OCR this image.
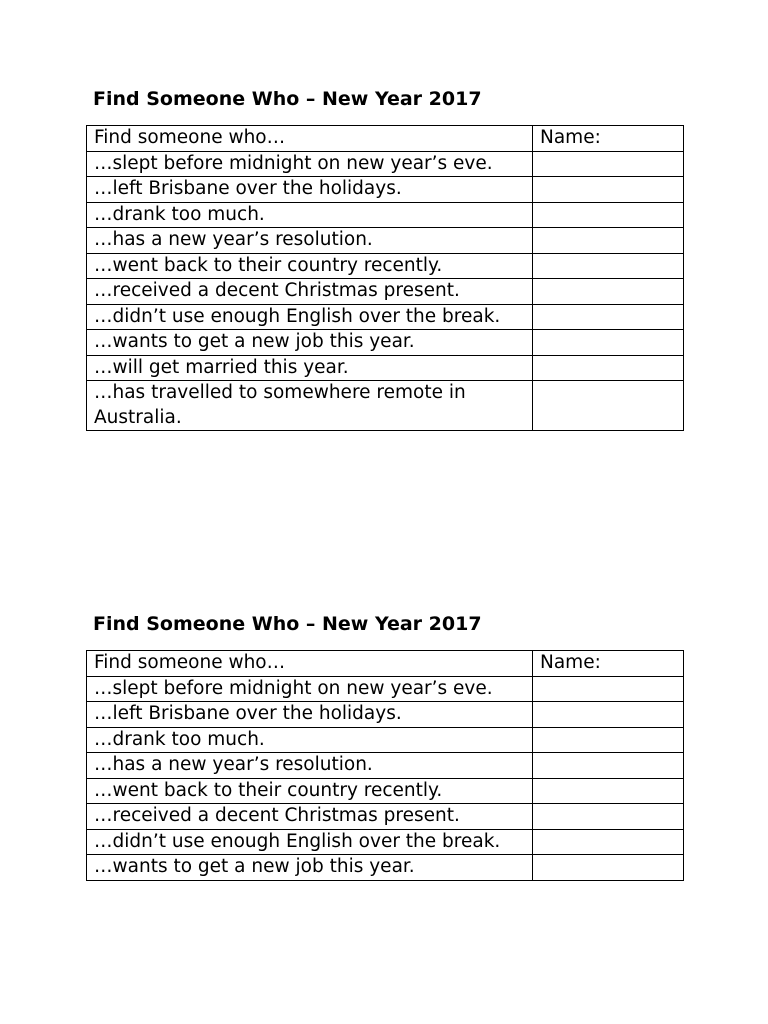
Find Someone Who – New Year 2017
Find someone who…	Name:
…slept before midnight on new year’s eve.	
…left Brisbane over the holidays.	
…drank too much.	
…has a new year’s resolution.	
…went back to their country recently.	
…received a decent Christmas present.	
…didn’t use enough English over the break.	
…wants to get a new job this year.	
…will get married this year.	
…has travelled to somewhere remote in Australia.	
Find Someone Who – New Year 2017
Find someone who…	Name:
…slept before midnight on new year’s eve.	
…left Brisbane over the holidays.	
…drank too much.	
…has a new year’s resolution.	
…went back to their country recently.	
…received a decent Christmas present.	
…didn’t use enough English over the break.	
…wants to get a new job this year.	
